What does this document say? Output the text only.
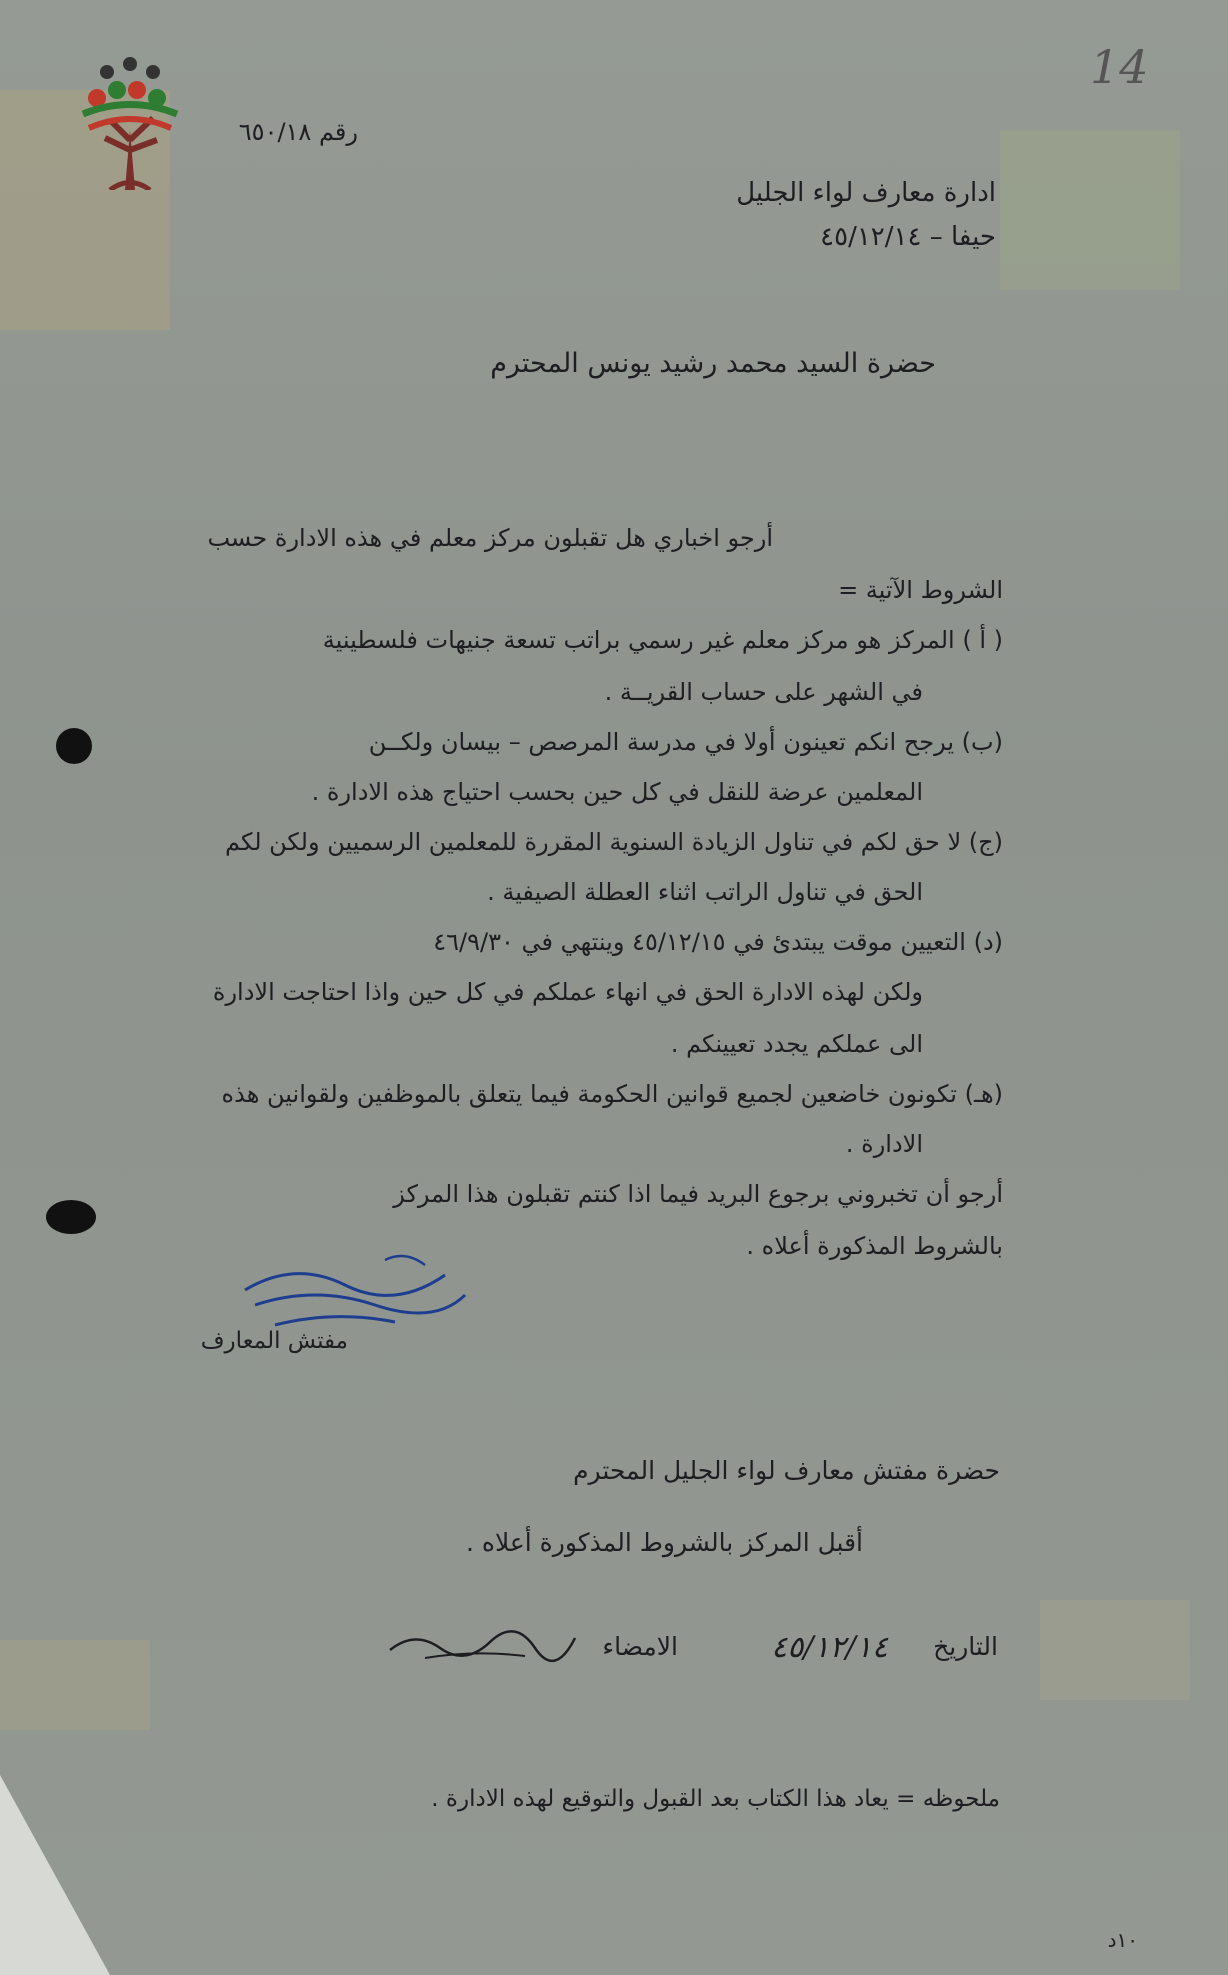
14
رقم ٦٥٠/١٨
ادارة معارف لواء الجليل
حيفا – ٤٥/١٢/١٤
حضرة السيد محمد رشيد يونس المحترم
أرجو اخباري هل تقبلون مركز معلم في هذه الادارة حسب
الشروط الآتية =
( أ ) المركز هو مركز معلم غير رسمي براتب تسعة جنيهات فلسطينية
في الشهر على حساب القريــة .
(ب) يرجح انكم تعينون أولا في مدرسة المرصص – بيسان ولكــن
المعلمين عرضة للنقل في كل حين بحسب احتياج هذه الادارة .
(ج) لا حق لكم في تناول الزيادة السنوية المقررة للمعلمين الرسميين ولكن لكم
الحق في تناول الراتب اثناء العطلة الصيفية .
(د) التعيين موقت يبتدئ في ٤٥/١٢/١٥ وينتهي في ٤٦/٩/٣٠
ولكن لهذه الادارة الحق في انهاء عملكم في كل حين واذا احتاجت الادارة
الى عملكم يجدد تعيينكم .
(هـ) تكونون خاضعين لجميع قوانين الحكومة فيما يتعلق بالموظفين ولقوانين هذه
الادارة .
أرجو أن تخبروني برجوع البريد فيما اذا كنتم تقبلون هذا المركز
بالشروط المذكورة أعلاه .
مفتش المعارف
حضرة مفتش معارف لواء الجليل المحترم
أقبل المركز بالشروط المذكورة أعلاه .
التاريخ
٤٥/١٢/١٤
الامضاء
ملحوظه = يعاد هذا الكتاب بعد القبول والتوقيع لهذه الادارة .
١٠د
